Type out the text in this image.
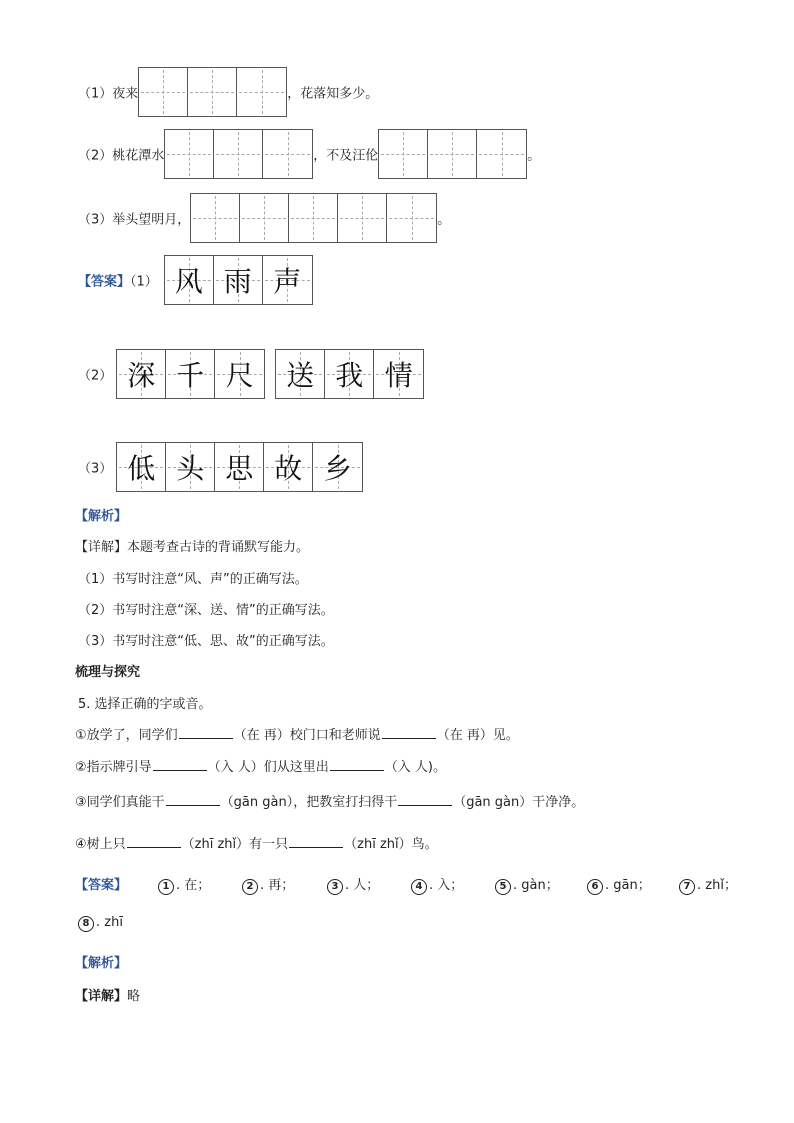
（1）夜来	，花落知多少。
（2）桃花潭水	，不及汪伦	。
（3）举头望明月，	。
【答案】（1） 风 雨 声
（2） 深 千 尺 送 我 情
（3） 低 头 思 故 乡
【解析】
【详解】本题考查古诗的背诵默写能力。
（1）书写时注意“风、声”的正确写法。
（2）书写时注意“深、送、情”的正确写法。
（3）书写时注意“低、思、故”的正确写法。
梳理与探究
5. 选择正确的字或音。
①放学了，同学们	（在 再）校门口和老师说	（在 再）见。
②指示牌引导	（入 人）们从这里出	（入 人)。
③同学们真能干	（gān gàn），把教室打扫得干	（gān gàn）干净净。
④树上只	（zhī zhǐ）有一只	（zhī zhǐ）鸟。
【答案】	1 . 在；	2 . 再；	3 . 人；	4 . 入；	5 . gàn；	6 . gān；	7 . zhǐ；
8 . zhī
【解析】
【详解】略
